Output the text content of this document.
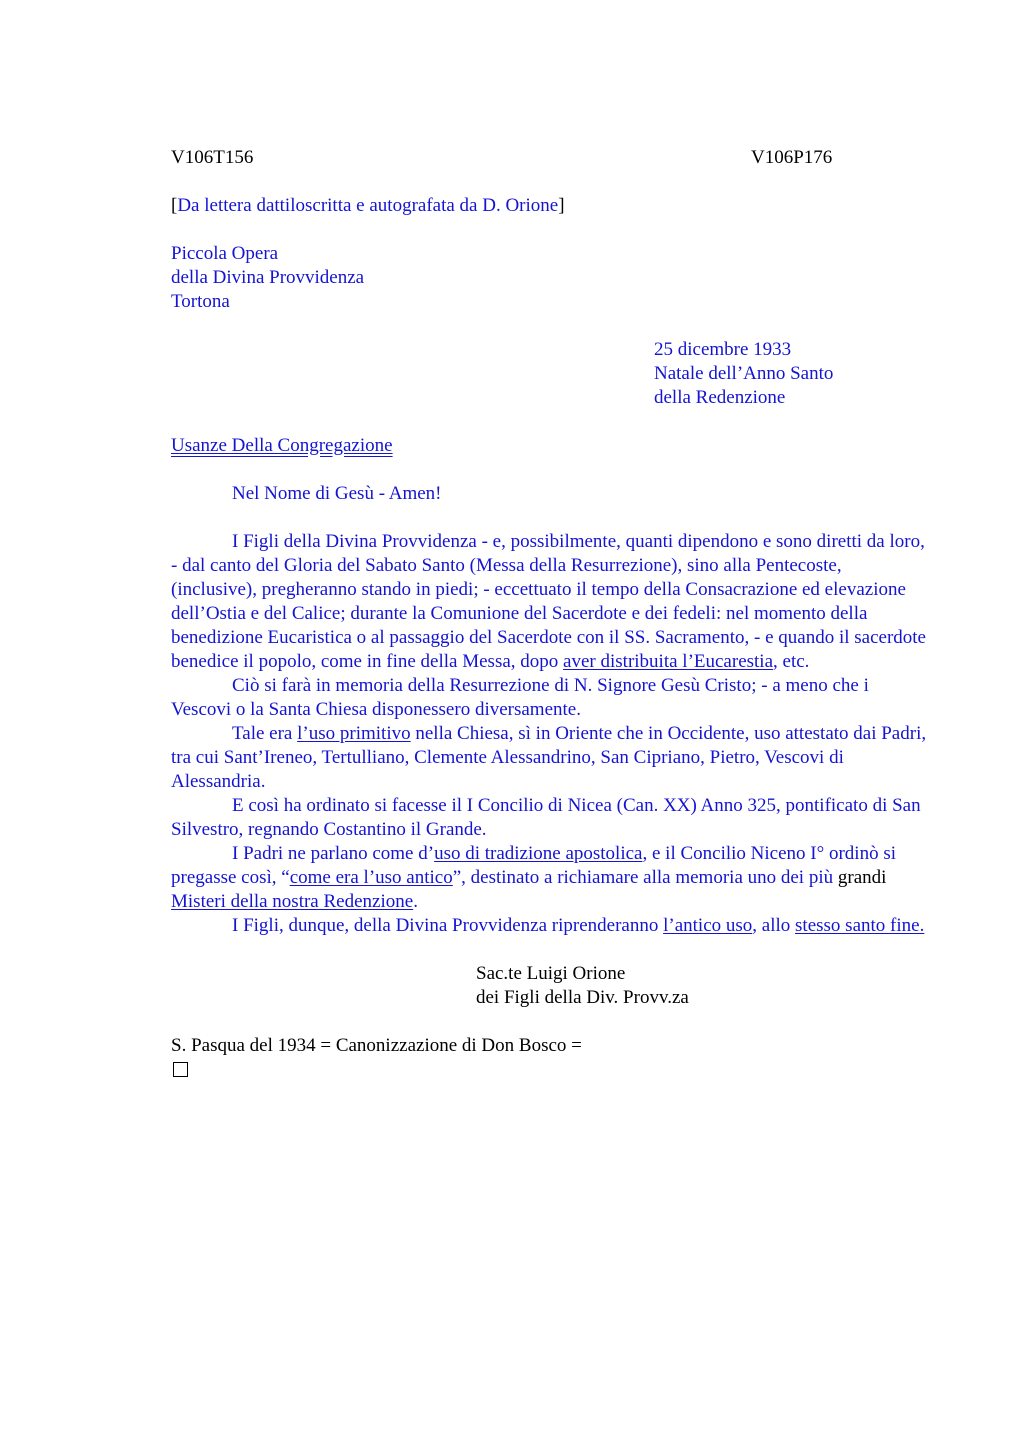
V106T156	V106P176

[Da lettera dattiloscritta e autografata da D. Orione]

Piccola Opera
della Divina Provvidenza
Tortona
25 dicembre 1933
Natale dell’Anno Santo
della Redenzione

Usanze Della Congregazione

Nel Nome di Gesù - Amen!

I Figli della Divina Provvidenza - e, possibilmente, quanti dipendono e sono diretti da loro, - dal canto del Gloria del Sabato Santo (Messa della Resurrezione), sino alla Pentecoste, (inclusive), pregheranno stando in piedi; - eccettuato il tempo della Consacrazione ed elevazione dell’Ostia e del Calice; durante la Comunione del Sacerdote e dei fedeli: nel momento della benedizione Eucaristica o al passaggio del Sacerdote con il SS. Sacramento, - e quando il sacerdote benedice il popolo, come in fine della Messa, dopo aver distribuita l’Eucarestia, etc.

Ciò si farà in memoria della Resurrezione di N. Signore Gesù Cristo; - a meno che i Vescovi o la Santa Chiesa disponessero diversamente.

Tale era l’uso primitivo nella Chiesa, sì in Oriente che in Occidente, uso attestato dai Padri, tra cui Sant’Ireneo, Tertulliano, Clemente Alessandrino, San Cipriano, Pietro, Vescovi di Alessandria.

E così ha ordinato si facesse il I Concilio di Nicea (Can. XX) Anno 325, pontificato di San Silvestro, regnando Costantino il Grande.

I Padri ne parlano come d’uso di tradizione apostolica, e il Concilio Niceno I° ordinò si pregasse così, “come era l’uso antico”, destinato a richiamare alla memoria uno dei più grandi Misteri della nostra Redenzione.

I Figli, dunque, della Divina Provvidenza riprenderanno l’antico uso, allo stesso santo fine.

Sac.te Luigi Orione
dei Figli della Div. Provv.za

S. Pasqua del 1934 = Canonizzazione di Don Bosco =
